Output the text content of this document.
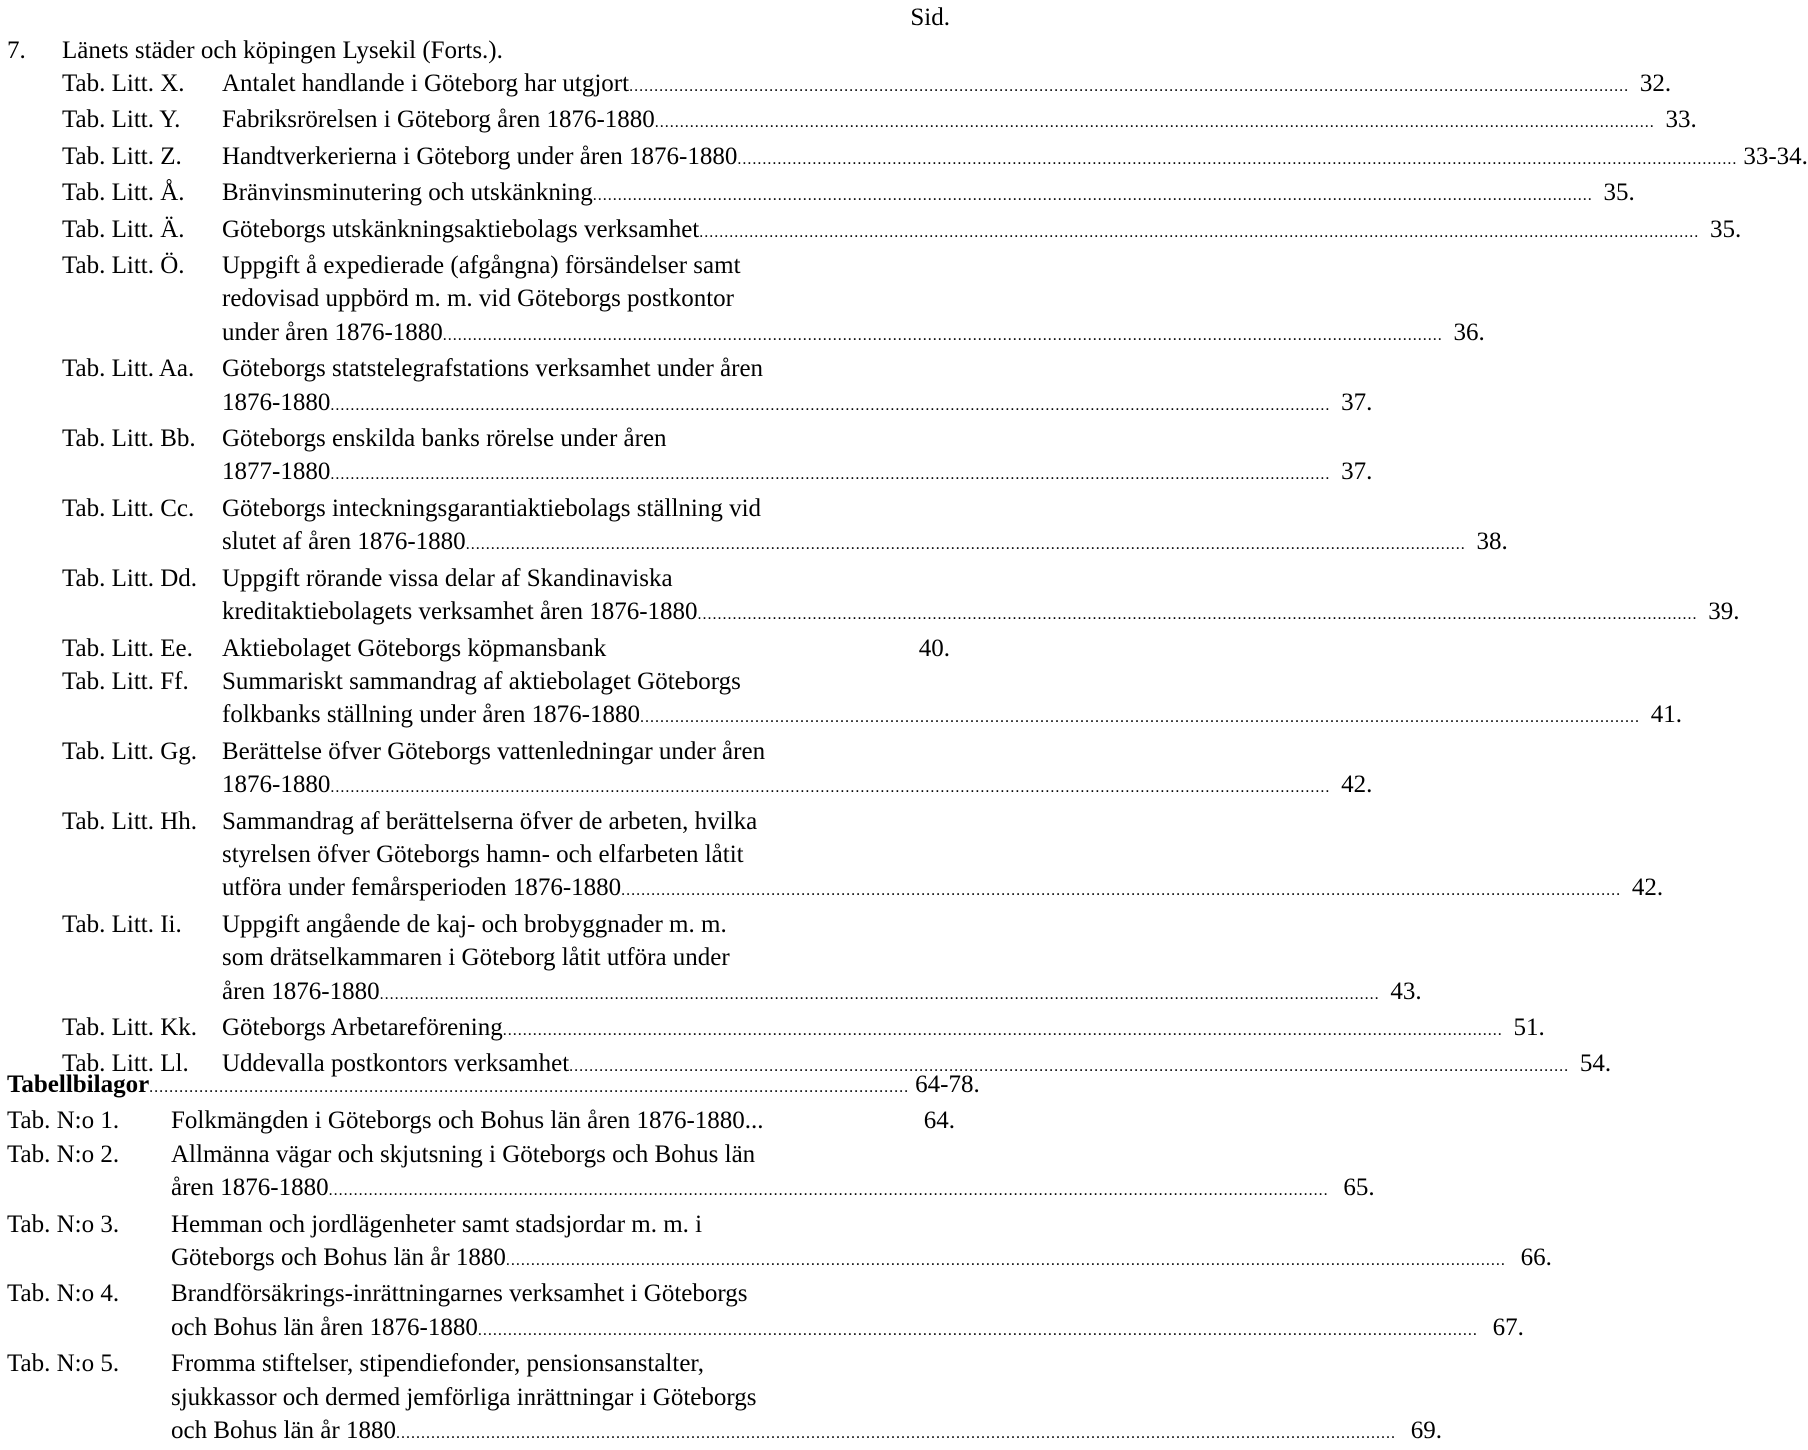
Sid.
7. Länets städer och köpingen Lysekil (Forts.).
Tab. Litt. X.	Antalet handlande i Göteborg har utgjort ........................................................................................................................................................................................................ 32.
Tab. Litt. Y.	Fabriksrörelsen i Göteborg åren 1876-1880 ........................................................................................................................................................................................................ 33.
Tab. Litt. Z.	Handtverkerierna i Göteborg under åren 1876-1880 ........................................................................................................................................................................................................ 33-34.
Tab. Litt. Å.	Bränvinsminutering och utskänkning ........................................................................................................................................................................................................ 35.
Tab. Litt. Ä.	Göteborgs utskänkningsaktiebolags verksamhet ........................................................................................................................................................................................................ 35.
Tab. Litt. Ö.	Uppgift å expedierade (afgångna) försändelser samt
redovisad uppbörd m. m. vid Göteborgs postkontor
under åren 1876-1880 ........................................................................................................................................................................................................ 36.
Tab. Litt. Aa.	Göteborgs statstelegrafstations verksamhet under åren
1876-1880 ........................................................................................................................................................................................................ 37.
Tab. Litt. Bb.	Göteborgs enskilda banks rörelse under åren
1877-1880 ........................................................................................................................................................................................................ 37.
Tab. Litt. Cc.	Göteborgs inteckningsgarantiaktiebolags ställning vid
slutet af åren 1876-1880 ........................................................................................................................................................................................................ 38.
Tab. Litt. Dd. Uppgift rörande vissa delar af Skandinaviska
kreditaktiebolagets verksamhet åren 1876-1880 ........................................................................................................................................................................................................ 39.
Tab. Litt. Ee.	Aktiebolaget Göteborgs köpmansbank	40.
Tab. Litt. Ff.	Summariskt sammandrag af aktiebolaget Göteborgs
folkbanks ställning under åren 1876-1880 ........................................................................................................................................................................................................ 41.
Tab. Litt. Gg. Berättelse öfver Göteborgs vattenledningar under åren
1876-1880 ........................................................................................................................................................................................................ 42.
Tab. Litt. Hh. Sammandrag af berättelserna öfver de arbeten, hvilka
styrelsen öfver Göteborgs hamn- och elfarbeten låtit
utföra under femårsperioden 1876-1880 ........................................................................................................................................................................................................ 42.
Tab. Litt. Ii.	Uppgift angående de kaj- och brobyggnader m. m.
som drätselkammaren i Göteborg låtit utföra under
åren 1876-1880 ........................................................................................................................................................................................................ 43.
Tab. Litt. Kk. Göteborgs Arbetareförening ........................................................................................................................................................................................................ 51.
Tab. Litt. Ll.	Uddevalla postkontors verksamhet ........................................................................................................................................................................................................ 54.
Tabellbilagor ........................................................................................................................................................ 64-78.
Tab. N:o 1.	Folkmängden i Göteborgs och Bohus län åren 1876-1880...	64.
Tab. N:o 2.	Allmänna vägar och skjutsning i Göteborgs och Bohus län
åren 1876-1880 ........................................................................................................................................................................................................ 65.
Tab. N:o 3.	Hemman och jordlägenheter samt stadsjordar m. m. i
Göteborgs och Bohus län år 1880 ........................................................................................................................................................................................................ 66.
Tab. N:o 4.	Brandförsäkrings-inrättningarnes verksamhet i Göteborgs
och Bohus län åren 1876-1880 ........................................................................................................................................................................................................ 67.
Tab. N:o 5.	Fromma stiftelser, stipendiefonder, pensionsanstalter,
sjukkassor och dermed jemförliga inrättningar i Göteborgs
och Bohus län år 1880 ........................................................................................................................................................................................................ 69.
